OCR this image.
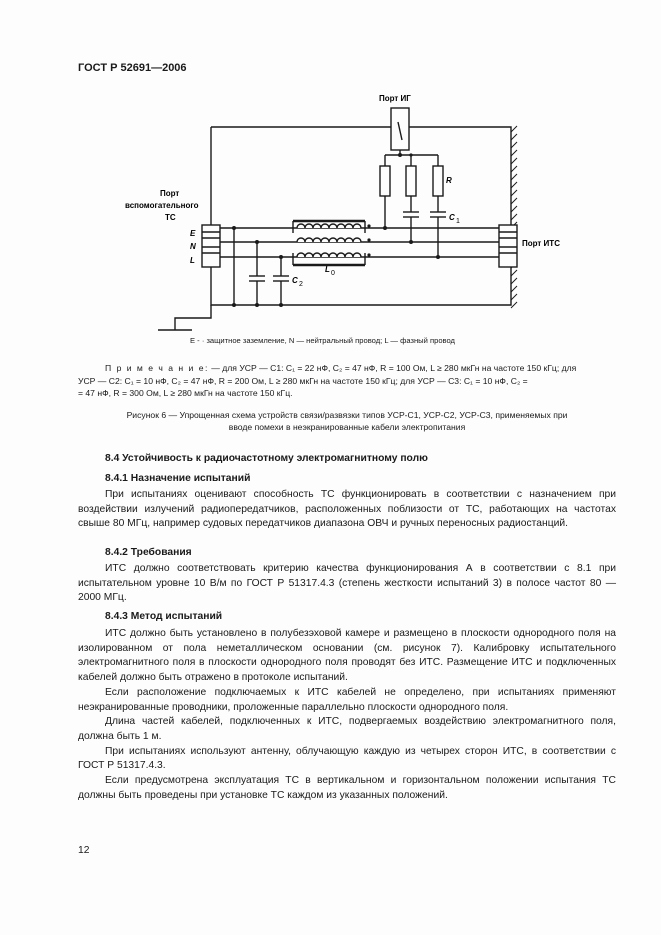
ГОСТ Р 52691—2006
Порт ИГ
Порт
вспомогательного
ТС
Порт ИТС
E
N
L
R
C 1
C 2
L 0
E - · защитное заземление, N — нейтральный провод; L — фазный провод
П р и м е ч а н и е: — для УСР — С1: C₁ = 22 нФ, C₂ = 47 нФ, R = 100 Ом, L ≥ 280 мкГн на частоте 150 кГц; для
УСР — С2: C₁ = 10 нФ, C₂ = 47 нФ, R = 200 Ом, L ≥ 280 мкГн на частоте 150 кГц; для УСР — С3: C₁ = 10 нФ, C₂ =
= 47 нФ, R = 300 Ом, L ≥ 280 мкГн на частоте 150 кГц.
Рисунок 6 — Упрощенная схема устройств связи/развязки типов УСР-С1, УСР-С2, УСР-С3, применяемых при
вводе помехи в неэкранированные кабели электропитания
8.4 Устойчивость к радиочастотному электромагнитному полю
8.4.1 Назначение испытаний
При испытаниях оценивают способность ТС функционировать в соответствии с назначением при воздействии излучений радиопередатчиков, расположенных поблизости от ТС, работающих на частотах свыше 80 МГц, например судовых передатчиков диапазона ОВЧ и ручных переносных радиостанций.
8.4.2 Требования
ИТС должно соответствовать критерию качества функционирования А в соответствии с 8.1 при испытательном уровне 10 В/м по ГОСТ Р 51317.4.3 (степень жесткости испытаний 3) в полосе частот 80 — 2000 МГц.
8.4.3 Метод испытаний
ИТС должно быть установлено в полубезэховой камере и размещено в плоскости однородного поля на изолированном от пола неметаллическом основании (см. рисунок 7). Калибровку испытательного электромагнитного поля в плоскости однородного поля проводят без ИТС. Размещение ИТС и подключенных кабелей должно быть отражено в протоколе испытаний.
Если расположение подключаемых к ИТС кабелей не определено, при испытаниях применяют неэкранированные проводники, проложенные параллельно плоскости однородного поля.
Длина частей кабелей, подключенных к ИТС, подвергаемых воздействию электромагнитного поля, должна быть 1 м.
При испытаниях используют антенну, облучающую каждую из четырех сторон ИТС, в соответствии с ГОСТ Р 51317.4.3.
Если предусмотрена эксплуатация ТС в вертикальном и горизонтальном положении испытания ТС должны быть проведены при установке ТС каждом из указанных положений.
12
